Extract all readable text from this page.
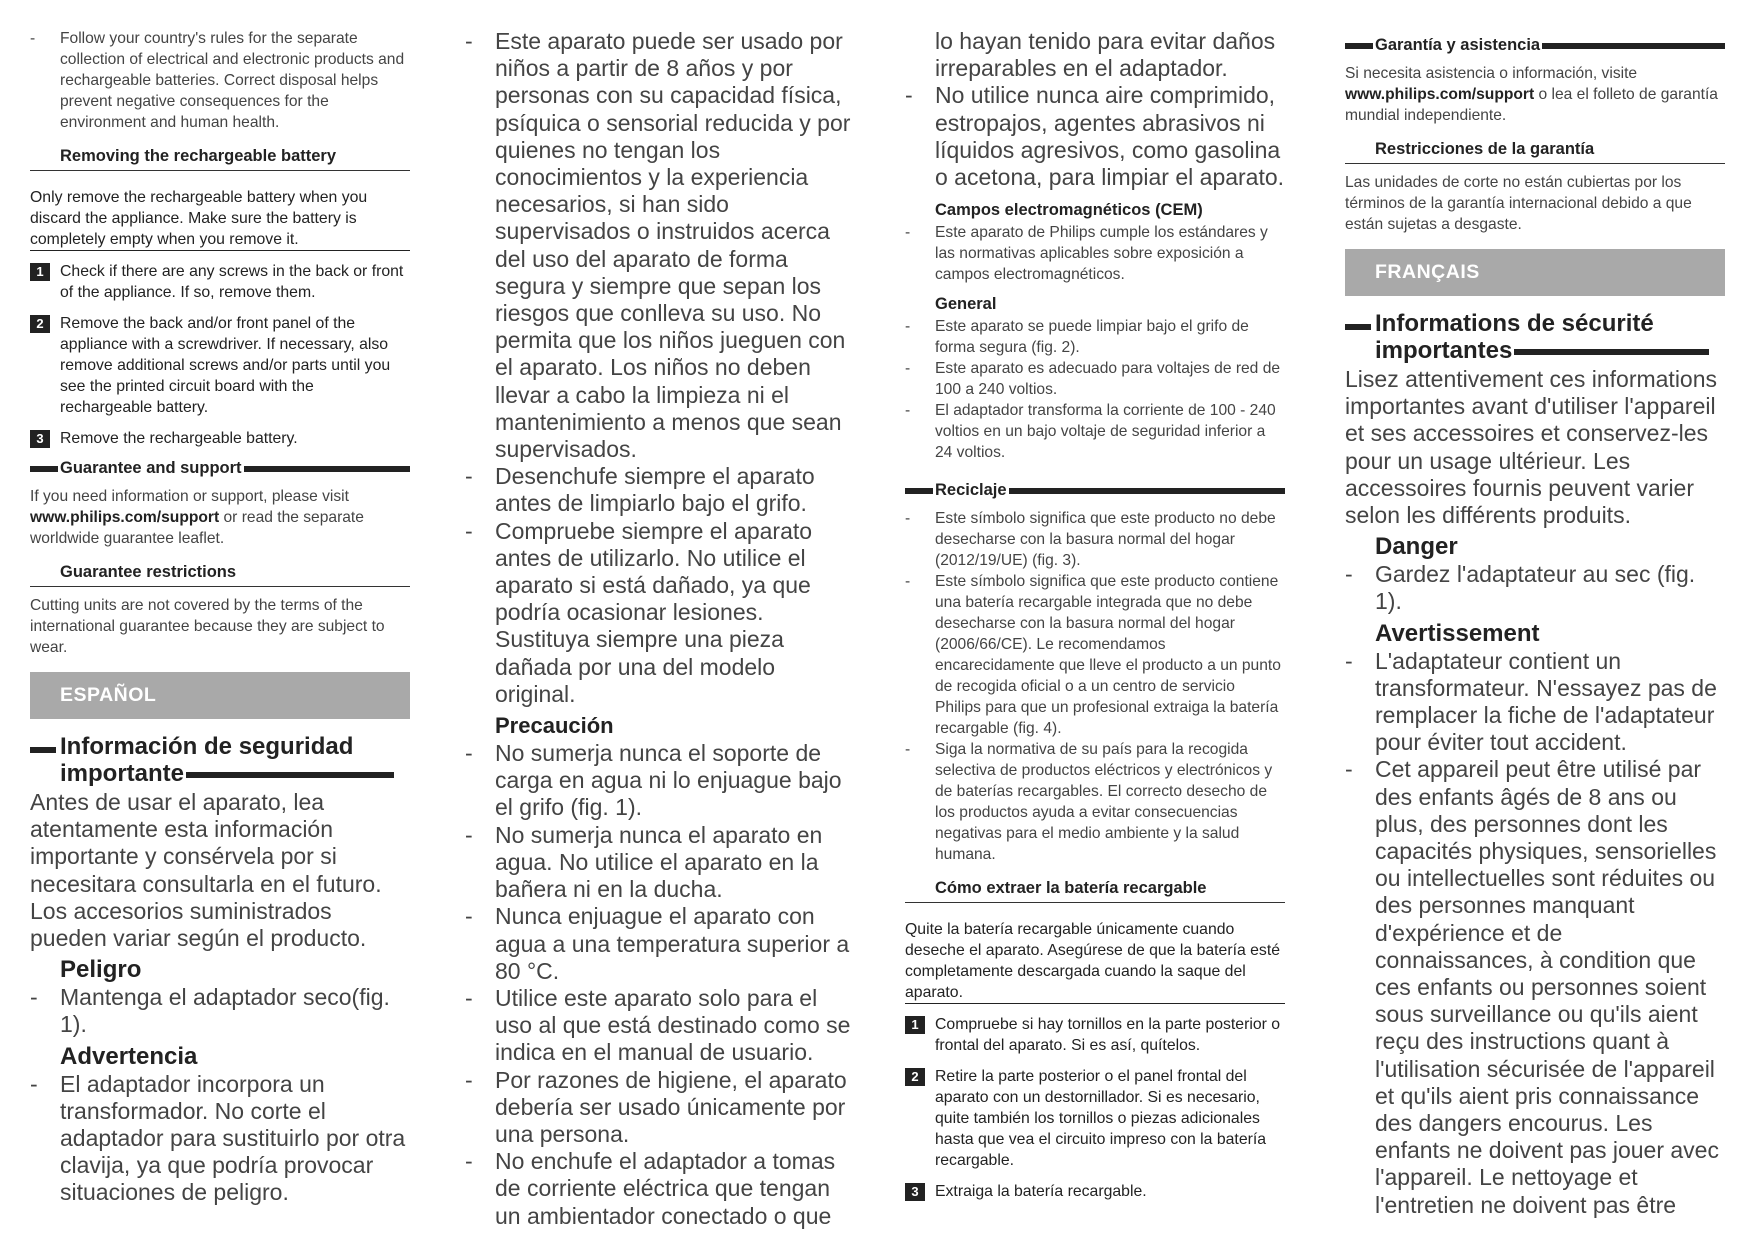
- Follow your country's rules for the separate collection of electrical and electronic products and rechargeable batteries. Correct disposal helps prevent negative consequences for the environment and human health.

Removing the rechargeable battery

Only remove the rechargeable battery when you discard the appliance. Make sure the battery is completely empty when you remove it.

1	Check if there are any screws in the back or front of the appliance. If so, remove them.
2	Remove the back and/or front panel of the appliance with a screwdriver. If necessary, also remove additional screws and/or parts until you see the printed circuit board with the rechargeable battery.
3	Remove the rechargeable battery.
Guarantee and support

If you need information or support, please visit www.philips.com/support or read the separate worldwide guarantee leaflet.

Guarantee restrictions

Cutting units are not covered by the terms of the international guarantee because they are subject to wear.

ESPAÑOL
Información de seguridad
importante

Antes de usar el aparato, lea atentamente esta información importante y consérvela por si necesitara consultarla en el futuro. Los accesorios suministrados pueden variar según el producto.

Peligro

- Mantenga el adaptador seco(fig. 1).

Advertencia

- El adaptador incorpora un transformador. No corte el adaptador para sustituirlo por otra clavija, ya que podría provocar situaciones de peligro.

- Este aparato puede ser usado por niños a partir de 8 años y por personas con su capacidad física, psíquica o sensorial reducida y por quienes no tengan los conocimientos y la experiencia necesarios, si han sido supervisados o instruidos acerca del uso del aparato de forma segura y siempre que sepan los riesgos que conlleva su uso. No permita que los niños jueguen con el aparato. Los niños no deben llevar a cabo la limpieza ni el mantenimiento a menos que sean supervisados.

- Desenchufe siempre el aparato antes de limpiarlo bajo el grifo.

- Compruebe siempre el aparato antes de utilizarlo. No utilice el aparato si está dañado, ya que podría ocasionar lesiones. Sustituya siempre una pieza dañada por una del modelo original.

Precaución

- No sumerja nunca el soporte de carga en agua ni lo enjuague bajo el grifo (fig. 1).

- No sumerja nunca el aparato en agua. No utilice el aparato en la bañera ni en la ducha.

- Nunca enjuague el aparato con agua a una temperatura superior a 80 °C.

- Utilice este aparato solo para el uso al que está destinado como se indica en el manual de usuario.

- Por razones de higiene, el aparato debería ser usado únicamente por una persona.

- No enchufe el adaptador a tomas de corriente eléctrica que tengan un ambientador conectado o que

lo hayan tenido para evitar daños irreparables en el adaptador.

- No utilice nunca aire comprimido, estropajos, agentes abrasivos ni líquidos agresivos, como gasolina o acetona, para limpiar el aparato.

Campos electromagnéticos (CEM)

- Este aparato de Philips cumple los estándares y las normativas aplicables sobre exposición a campos electromagnéticos.

General

- Este aparato se puede limpiar bajo el grifo de forma segura (fig. 2).

- Este aparato es adecuado para voltajes de red de 100 a 240 voltios.

- El adaptador transforma la corriente de 100 - 240 voltios en un bajo voltaje de seguridad inferior a 24 voltios.

Reciclaje

- Este símbolo significa que este producto no debe desecharse con la basura normal del hogar (2012/19/UE) (fig. 3).

- Este símbolo significa que este producto contiene una batería recargable integrada que no debe desecharse con la basura normal del hogar (2006/66/CE). Le recomendamos encarecidamente que lleve el producto a un punto de recogida oficial o a un centro de servicio Philips para que un profesional extraiga la batería recargable (fig. 4).

- Siga la normativa de su país para la recogida selectiva de productos eléctricos y electrónicos y de baterías recargables. El correcto desecho de los productos ayuda a evitar consecuencias negativas para el medio ambiente y la salud humana.

Cómo extraer la batería recargable

Quite la batería recargable únicamente cuando deseche el aparato. Asegúrese de que la batería esté completamente descargada cuando la saque del aparato.

1	Compruebe si hay tornillos en la parte posterior o frontal del aparato. Si es así, quítelos.
2	Retire la parte posterior o el panel frontal del aparato con un destornillador. Si es necesario, quite también los tornillos o piezas adicionales hasta que vea el circuito impreso con la batería recargable.
3	Extraiga la batería recargable.
Garantía y asistencia

Si necesita asistencia o información, visite www.philips.com/support o lea el folleto de garantía mundial independiente.

Restricciones de la garantía

Las unidades de corte no están cubiertas por los términos de la garantía internacional debido a que están sujetas a desgaste.

FRANÇAIS
Informations de sécurité
importantes

Lisez attentivement ces informations importantes avant d'utiliser l'appareil et ses accessoires et conservez-les pour un usage ultérieur. Les accessoires fournis peuvent varier selon les différents produits.

Danger

- Gardez l'adaptateur au sec (fig. 1).

Avertissement

- L'adaptateur contient un transformateur. N'essayez pas de remplacer la fiche de l'adaptateur pour éviter tout accident.

- Cet appareil peut être utilisé par des enfants âgés de 8 ans ou plus, des personnes dont les capacités physiques, sensorielles ou intellectuelles sont réduites ou des personnes manquant d'expérience et de connaissances, à condition que ces enfants ou personnes soient sous surveillance ou qu'ils aient reçu des instructions quant à l'utilisation sécurisée de l'appareil et qu'ils aient pris connaissance des dangers encourus. Les enfants ne doivent pas jouer avec l'appareil. Le nettoyage et l'entretien ne doivent pas être
